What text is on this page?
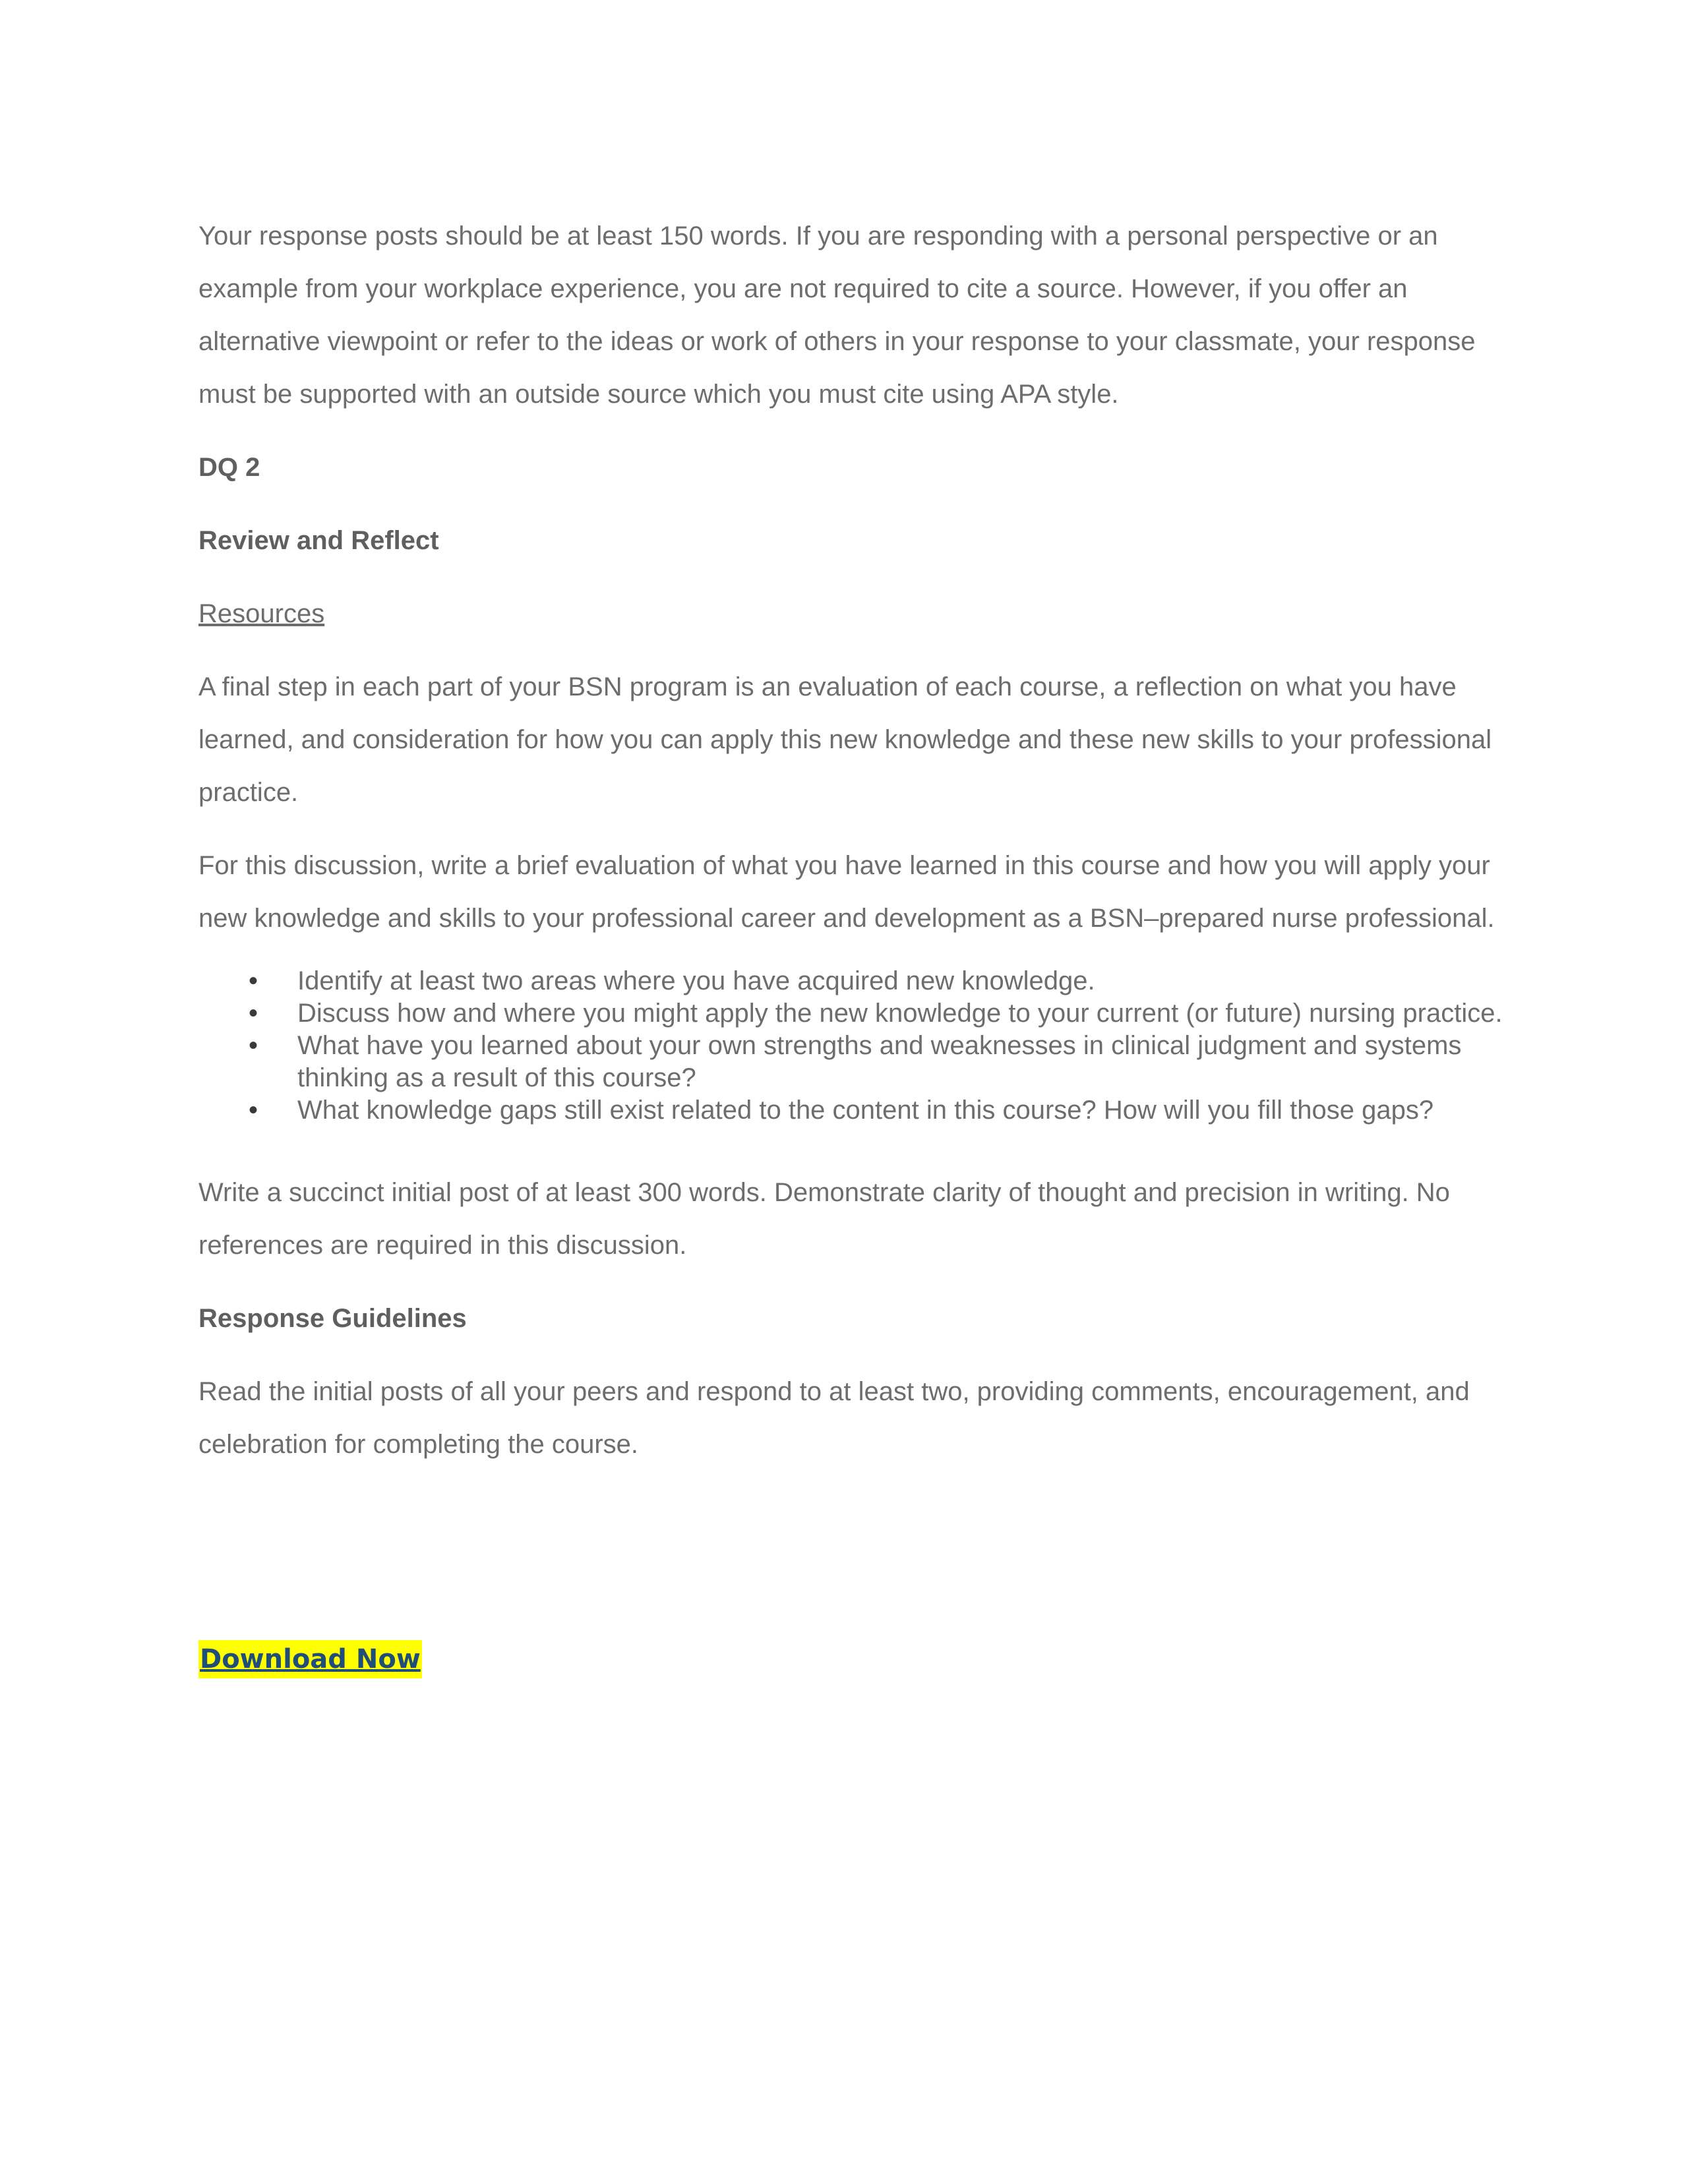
Your response posts should be at least 150 words. If you are responding with a personal perspective or an example from your workplace experience, you are not required to cite a source. However, if you offer an alternative viewpoint or refer to the ideas or work of others in your response to your classmate, your response must be supported with an outside source which you must cite using APA style.

DQ 2

Review and Reflect

Resources

A final step in each part of your BSN program is an evaluation of each course, a reflection on what you have learned, and consideration for how you can apply this new knowledge and these new skills to your professional practice.

For this discussion, write a brief evaluation of what you have learned in this course and how you will apply your new knowledge and skills to your professional career and development as a BSN–prepared nurse professional.

• Identify at least two areas where you have acquired new knowledge.
• Discuss how and where you might apply the new knowledge to your current (or future) nursing practice.
• What have you learned about your own strengths and weaknesses in clinical judgment and systems thinking as a result of this course?
• What knowledge gaps still exist related to the content in this course? How will you fill those gaps?

Write a succinct initial post of at least 300 words. Demonstrate clarity of thought and precision in writing. No references are required in this discussion.

Response Guidelines

Read the initial posts of all your peers and respond to at least two, providing comments, encouragement, and celebration for completing the course.

Download Now
